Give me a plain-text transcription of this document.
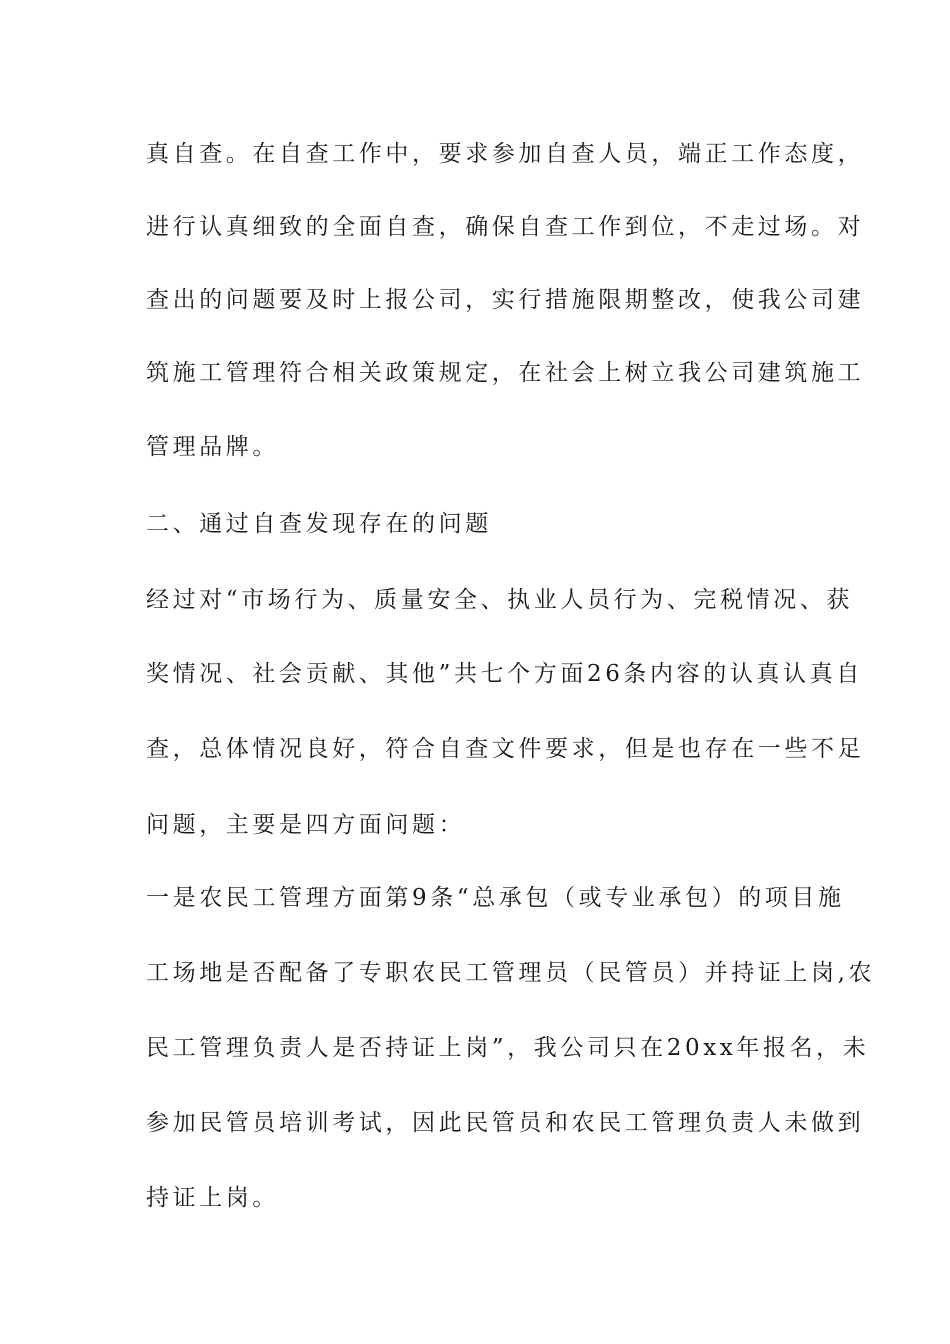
真自查。在自查工作中，要求参加自查人员，端正工作态度，
进行认真细致的全面自查，确保自查工作到位，不走过场。对
查出的问题要及时上报公司，实行措施限期整改，使我公司建
筑施工管理符合相关政策规定，在社会上树立我公司建筑施工
管理品牌。
二、通过自查发现存在的问题
经过对“市场行为、质量安全、执业人员行为、完税情况、获
奖情况、社会贡献、其他”共七个方面26条内容的认真认真自
查，总体情况良好，符合自查文件要求，但是也存在一些不足
问题，主要是四方面问题：
一是农民工管理方面第9条“总承包（或专业承包）的项目施
工场地是否配备了专职农民工管理员（民管员）并持证上岗,农
民工管理负责人是否持证上岗”，我公司只在20xx年报名，未
参加民管员培训考试，因此民管员和农民工管理负责人未做到
持证上岗。
